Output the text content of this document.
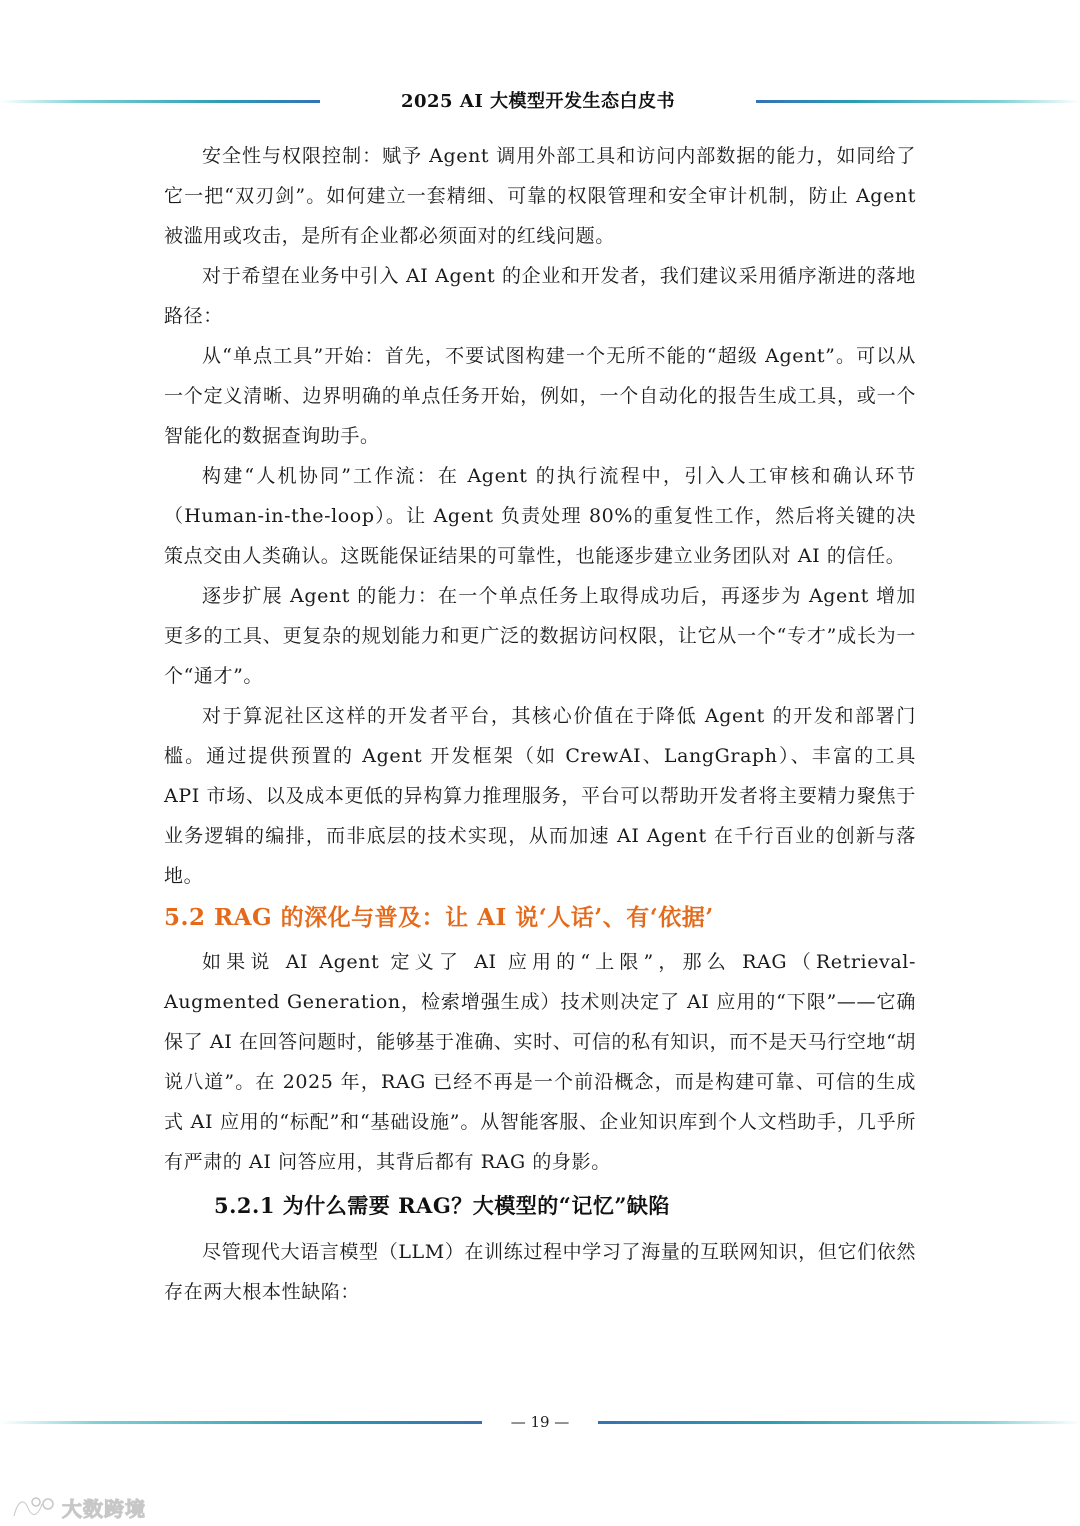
2025 AI 大模型开发生态白皮书

安全性与权限控制：赋予 Agent 调用外部工具和访问内部数据的能力，如同给了它一把“双刃剑”。如何建立一套精细、可靠的权限管理和安全审计机制，防止 Agent 被滥用或攻击，是所有企业都必须面对的红线问题。

对于希望在业务中引入 AI Agent 的企业和开发者，我们建议采用循序渐进的落地路径：

从“单点工具”开始：首先，不要试图构建一个无所不能的“超级 Agent”。可以从一个定义清晰、边界明确的单点任务开始，例如，一个自动化的报告生成工具，或一个智能化的数据查询助手。

构建“人机协同”工作流：在 Agent 的执行流程中，引入人工审核和确认环节（Human-in-the-loop）。让 Agent 负责处理 80%的重复性工作，然后将关键的决策点交由人类确认。这既能保证结果的可靠性，也能逐步建立业务团队对 AI 的信任。

逐步扩展 Agent 的能力：在一个单点任务上取得成功后，再逐步为 Agent 增加更多的工具、更复杂的规划能力和更广泛的数据访问权限，让它从一个“专才”成长为一个“通才”。

对于算泥社区这样的开发者平台，其核心价值在于降低 Agent 的开发和部署门槛。通过提供预置的 Agent 开发框架（如 CrewAI、LangGraph）、丰富的工具 API 市场、以及成本更低的异构算力推理服务，平台可以帮助开发者将主要精力聚焦于业务逻辑的编排，而非底层的技术实现，从而加速 AI Agent 在千行百业的创新与落地。

5.2 RAG 的深化与普及：让 AI 说‘人话’、有‘依据’

如果说 AI Agent 定义了 AI 应用的“上限”，那么 RAG（Retrieval-Augmented Generation，检索增强生成）技术则决定了 AI 应用的“下限”——它确保了 AI 在回答问题时，能够基于准确、实时、可信的私有知识，而不是天马行空地“胡说八道”。在 2025 年，RAG 已经不再是一个前沿概念，而是构建可靠、可信的生成式 AI 应用的“标配”和“基础设施”。从智能客服、企业知识库到个人文档助手，几乎所有严肃的 AI 问答应用，其背后都有 RAG 的身影。

5.2.1 为什么需要 RAG？大模型的“记忆”缺陷

尽管现代大语言模型（LLM）在训练过程中学习了海量的互联网知识，但它们依然存在两大根本性缺陷：

— 19 —
大数跨境
